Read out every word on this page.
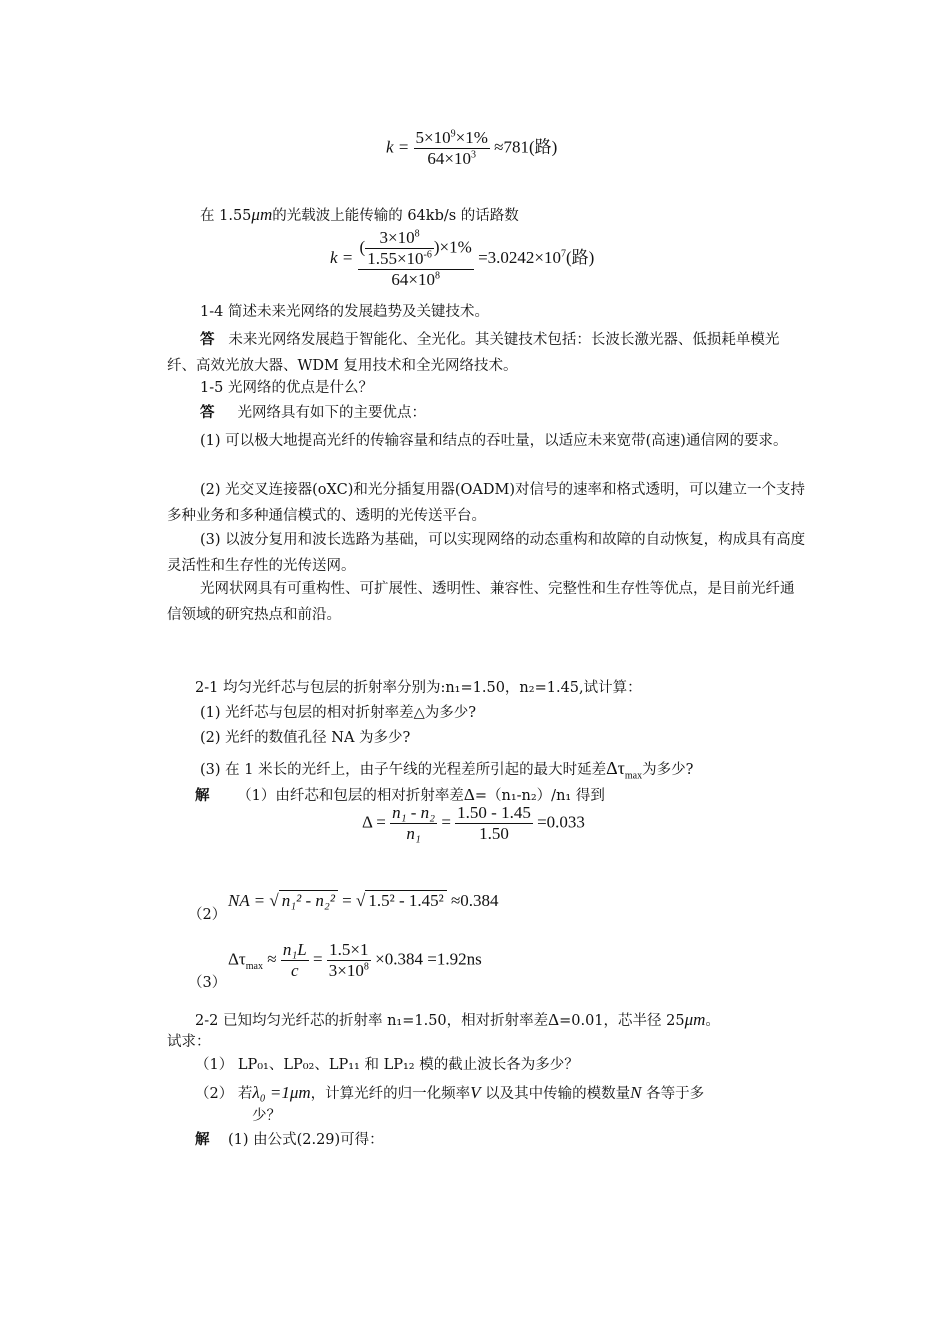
$k = \frac{5\times 10^9\times 1\%}{64\times 10^3} \approx 781$(路)
在 1.55μm的光载波上能传输的 64kb/s 的话路数
$k = \frac{( \frac{3\times 10^8}{1.55\times 10^{-6}} )\times 1\%}{64\times 10^8} =3.0242\times 10^7$(路)
1-4 简述未来光网络的发展趋势及关键技术。
答 未来光网络发展趋于智能化、全光化。其关键技术包括：长波长激光器、低损耗单模光纤、高效光放大器、WDM 复用技术和全光网络技术。
1-5 光网络的优点是什么？
答 光网络具有如下的主要优点：
(1) 可以极大地提高光纤的传输容量和结点的吞吐量，以适应未来宽带(高速)通信网的要求。
(2) 光交叉连接器(oXC)和光分插复用器(OADM)对信号的速率和格式透明，可以建立一个支持多种业务和多种通信模式的、透明的光传送平台。
(3) 以波分复用和波长选路为基础，可以实现网络的动态重构和故障的自动恢复，构成具有高度灵活性和生存性的光传送网。
光网状网具有可重构性、可扩展性、透明性、兼容性、完整性和生存性等优点，是目前光纤通信领域的研究热点和前沿。
2-1 均匀光纤芯与包层的折射率分别为:n₁=1.50，n₂=1.45,试计算：
(1) 光纤芯与包层的相对折射率差△为多少?
(2) 光纤的数值孔径 NA 为多少?
(3) 在 1 米长的光纤上，由子午线的光程差所引起的最大时延差$\Delta\tau_{max}$为多少?
解 （1）由纤芯和包层的相对折射率差Δ=（n₁-n₂）/n₁ 得到
$\Delta = \frac{\text{n₁ - n₂}}{\text{n₁}} = \frac{1.50 - 1.45}{1.50} =0.033$
（2）
NA = √ n₁² - n₂² = √ 1.5² - 1.45² ≈0.384
（3）
$\Delta\tau_{max} \approx \frac{\text{n₁L}}{c} = \frac{1.5\times 1}{3\times 10^8} \times 0.384 =1.92ns$
2-2 已知均匀光纤芯的折射率 n₁=1.50，相对折射率差Δ=0.01，芯半径 25μm。
试求：
（1） LP₀₁、LP₀₂、LP₁₁ 和 LP₁₂ 模的截止波长各为多少？
（2） 若λ₀ =1μm，计算光纤的归一化频率V 以及其中传输的模数量N 各等于多
少？
解 (1) 由公式(2.29)可得：
